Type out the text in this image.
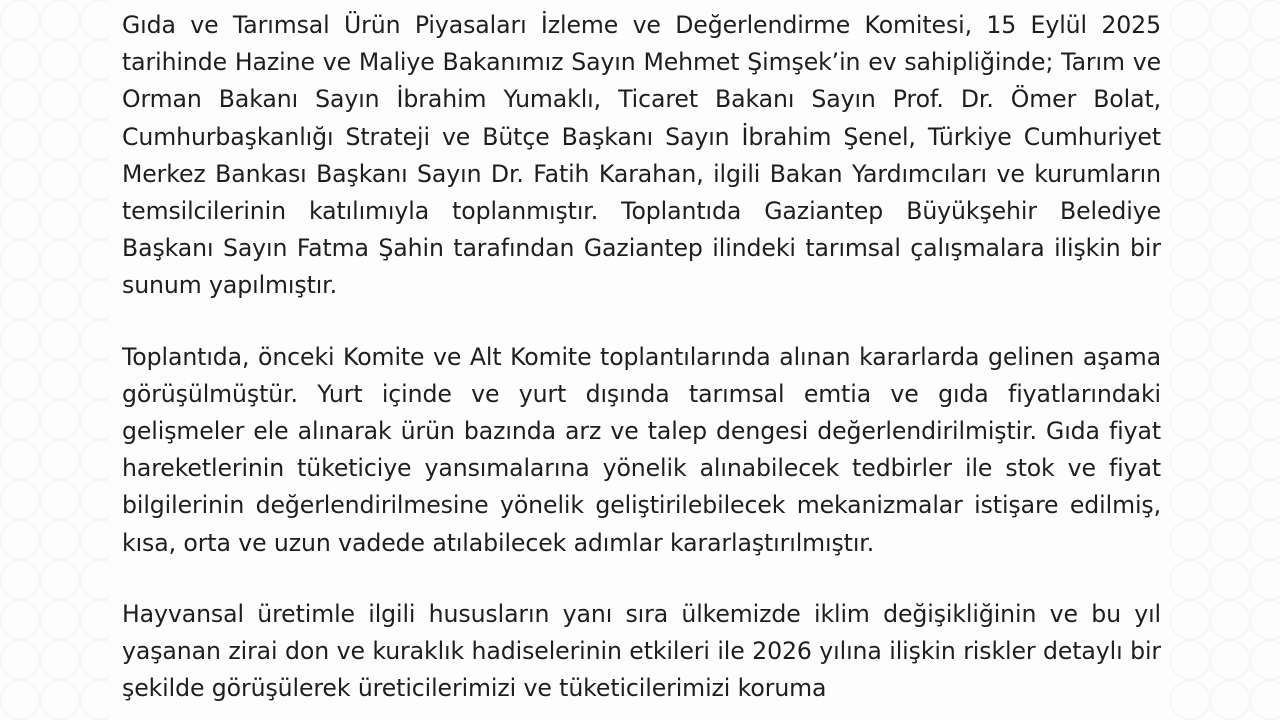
Gıda ve Tarımsal Ürün Piyasaları İzleme ve Değerlendirme Komitesi, 15 Eylül 2025 tarihinde Hazine ve Maliye Bakanımız Sayın Mehmet Şimşek’in ev sahipliğinde; Tarım ve Orman Bakanı Sayın İbrahim Yumaklı, Ticaret Bakanı Sayın Prof. Dr. Ömer Bolat, Cumhurbaşkanlığı Strateji ve Bütçe Başkanı Sayın İbrahim Şenel, Türkiye Cumhuriyet Merkez Bankası Başkanı Sayın Dr. Fatih Karahan, ilgili Bakan Yardımcıları ve kurumların temsilcilerinin katılımıyla toplanmıştır. Toplantıda Gaziantep Büyükşehir Belediye Başkanı Sayın Fatma Şahin tarafından Gaziantep ilindeki tarımsal çalışmalara ilişkin bir sunum yapılmıştır.

Toplantıda, önceki Komite ve Alt Komite toplantılarında alınan kararlarda gelinen aşama görüşülmüştür. Yurt içinde ve yurt dışında tarımsal emtia ve gıda fiyatlarındaki gelişmeler ele alınarak ürün bazında arz ve talep dengesi değerlendirilmiştir. Gıda fiyat hareketlerinin tüketiciye yansımalarına yönelik alınabilecek tedbirler ile stok ve fiyat bilgilerinin değerlendirilmesine yönelik geliştirilebilecek mekanizmalar istişare edilmiş, kısa, orta ve uzun vadede atılabilecek adımlar kararlaştırılmıştır.

Hayvansal üretimle ilgili hususların yanı sıra ülkemizde iklim değişikliğinin ve bu yıl yaşanan zirai don ve kuraklık hadiselerinin etkileri ile 2026 yılına ilişkin riskler detaylı bir şekilde görüşülerek üreticilerimizi ve tüketicilerimizi koruma
